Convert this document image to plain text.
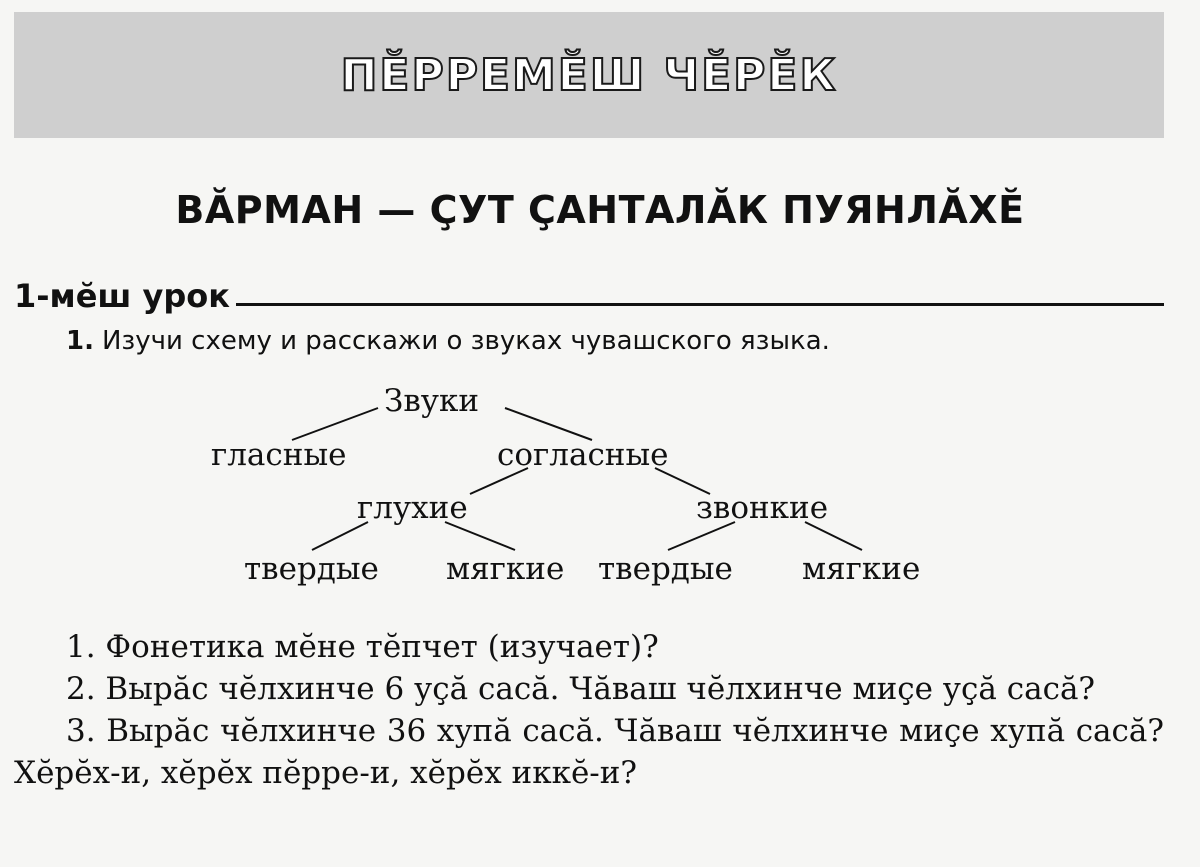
ПĔРРЕМĔШ ЧĔРĔК
ВĂРМАН — ÇУТ ÇАНТАЛĂК ПУЯНЛĂХĔ
1-мĕш урок
1. Изучи схему и расскажи о звуках чувашского языка.
Звуки
гласные	согласные
глухие	звонкие
твердые мягкие твердые мягкие

1. Фонетика мĕне тĕпчет (изучает)?

2. Вырăс чĕлхинче 6 уçă сасă. Чăваш чĕлхинче миçе уçă сасă?

3. Вырăс чĕлхинче 36 хупă сасă. Чăваш чĕлхинче миçе хупă сасă? Хĕрĕх-и, хĕрĕх пĕрре-и, хĕрĕх иккĕ-и?
